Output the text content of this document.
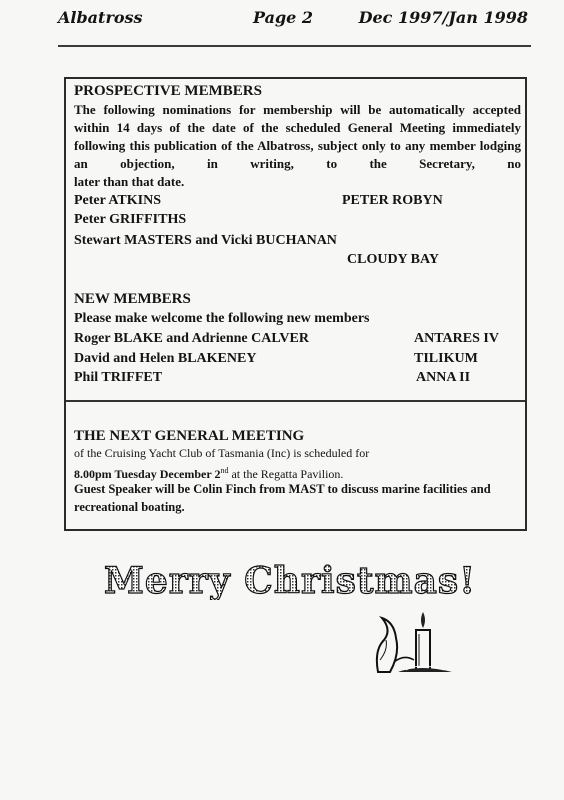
Albatross	Page 2	Dec 1997/Jan 1998
PROSPECTIVE MEMBERS
The following nominations for membership will be automatically accepted within 14 days of the date of the scheduled General Meeting immediately following this publication of the Albatross, subject only to any member lodging an objection, in writing, to the Secretary, no
later than that date.
Peter ATKINS	PETER ROBYN
Peter GRIFFITHS
Stewart MASTERS and Vicki BUCHANAN
CLOUDY BAY
NEW MEMBERS
Please make welcome the following new members
Roger BLAKE and Adrienne CALVER	ANTARES IV
David and Helen BLAKENEY	TILIKUM
Phil TRIFFET	ANNA II
THE NEXT GENERAL MEETING
of the Cruising Yacht Club of Tasmania (Inc) is scheduled for
8.00pm Tuesday December 2nd at the Regatta Pavilion.
Guest Speaker will be Colin Finch from MAST to discuss marine facilities and recreational boating.
Merry Christmas!
